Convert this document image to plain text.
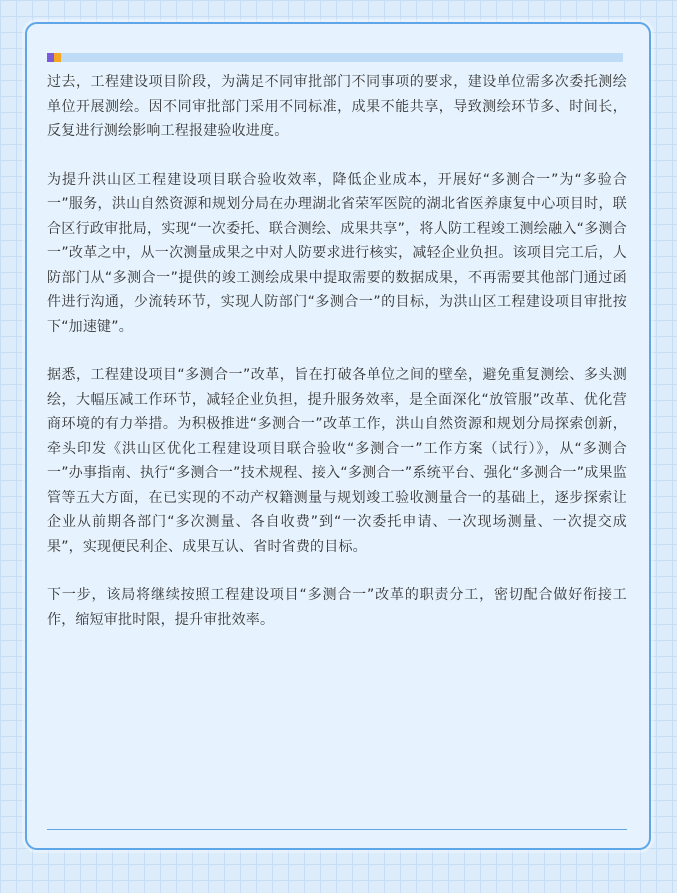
过去，工程建设项目阶段，为满足不同审批部门不同事项的要求，建设单位需多次委托测绘单位开展测绘。因不同审批部门采用不同标准，成果不能共享，导致测绘环节多、时间长，反复进行测绘影响工程报建验收进度。

为提升洪山区工程建设项目联合验收效率，降低企业成本，开展好“多测合一”为“多验合一”服务，洪山自然资源和规划分局在办理湖北省荣军医院的湖北省医养康复中心项目时，联合区行政审批局，实现“一次委托、联合测绘、成果共享”，将人防工程竣工测绘融入“多测合一”改革之中，从一次测量成果之中对人防要求进行核实，减轻企业负担。该项目完工后，人防部门从“多测合一”提供的竣工测绘成果中提取需要的数据成果，不再需要其他部门通过函件进行沟通，少流转环节，实现人防部门“多测合一”的目标，为洪山区工程建设项目审批按下“加速键”。

据悉，工程建设项目“多测合一”改革，旨在打破各单位之间的壁垒，避免重复测绘、多头测绘，大幅压减工作环节，减轻企业负担，提升服务效率，是全面深化“放管服”改革、优化营商环境的有力举措。为积极推进“多测合一”改革工作，洪山自然资源和规划分局探索创新，牵头印发《洪山区优化工程建设项目联合验收“多测合一”工作方案（试行）》，从“多测合一”办事指南、执行“多测合一”技术规程、接入“多测合一”系统平台、强化“多测合一”成果监管等五大方面，在已实现的不动产权籍测量与规划竣工验收测量合一的基础上，逐步探索让企业从前期各部门“多次测量、各自收费”到“一次委托申请、一次现场测量、一次提交成果”，实现便民利企、成果互认、省时省费的目标。

下一步，该局将继续按照工程建设项目“多测合一”改革的职责分工，密切配合做好衔接工作，缩短审批时限，提升审批效率。
